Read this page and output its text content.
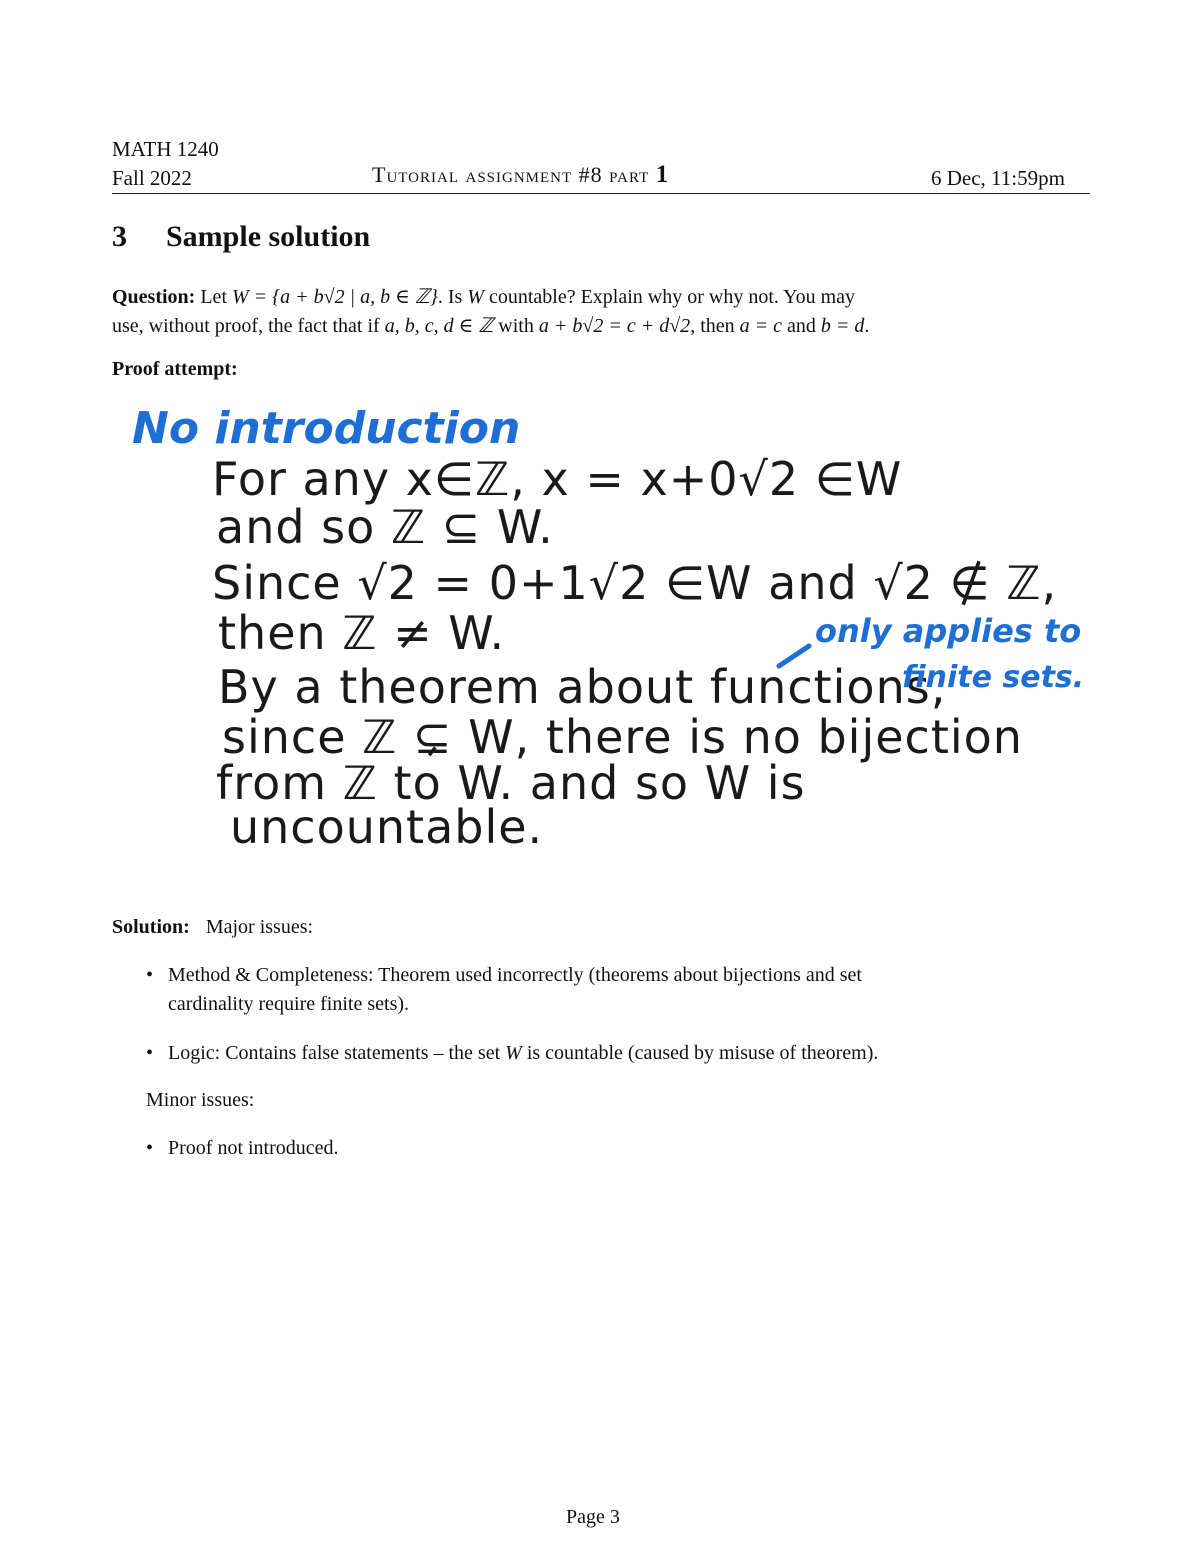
MATH 1240
Fall 2022	Tutorial assignment #8 part 1	6 Dec, 11:59pm
3 Sample solution
Question: Let W = {a + b√2 | a, b ∈ ℤ}. Is W countable? Explain why or why not. You may
use, without proof, the fact that if a, b, c, d ∈ ℤ with a + b√2 = c + d√2, then a = c and b = d.
Proof attempt:
No introduction
For any x∈ℤ, x = x+0√2 ∈W
and so ℤ ⊆ W.
Since √2 = 0+1√2 ∈W and √2 ∉ ℤ,
then ℤ ≠ W.
By a theorem about functions,
since ℤ ⊊ W, there is no bijection
from ℤ to W. and so W is
uncountable.
only applies to
finite sets.
Solution: Major issues:
• Method & Completeness: Theorem used incorrectly (theorems about bijections and set
cardinality require finite sets).
• Logic: Contains false statements – the set W is countable (caused by misuse of theorem).
Minor issues:
• Proof not introduced.
Page 3
